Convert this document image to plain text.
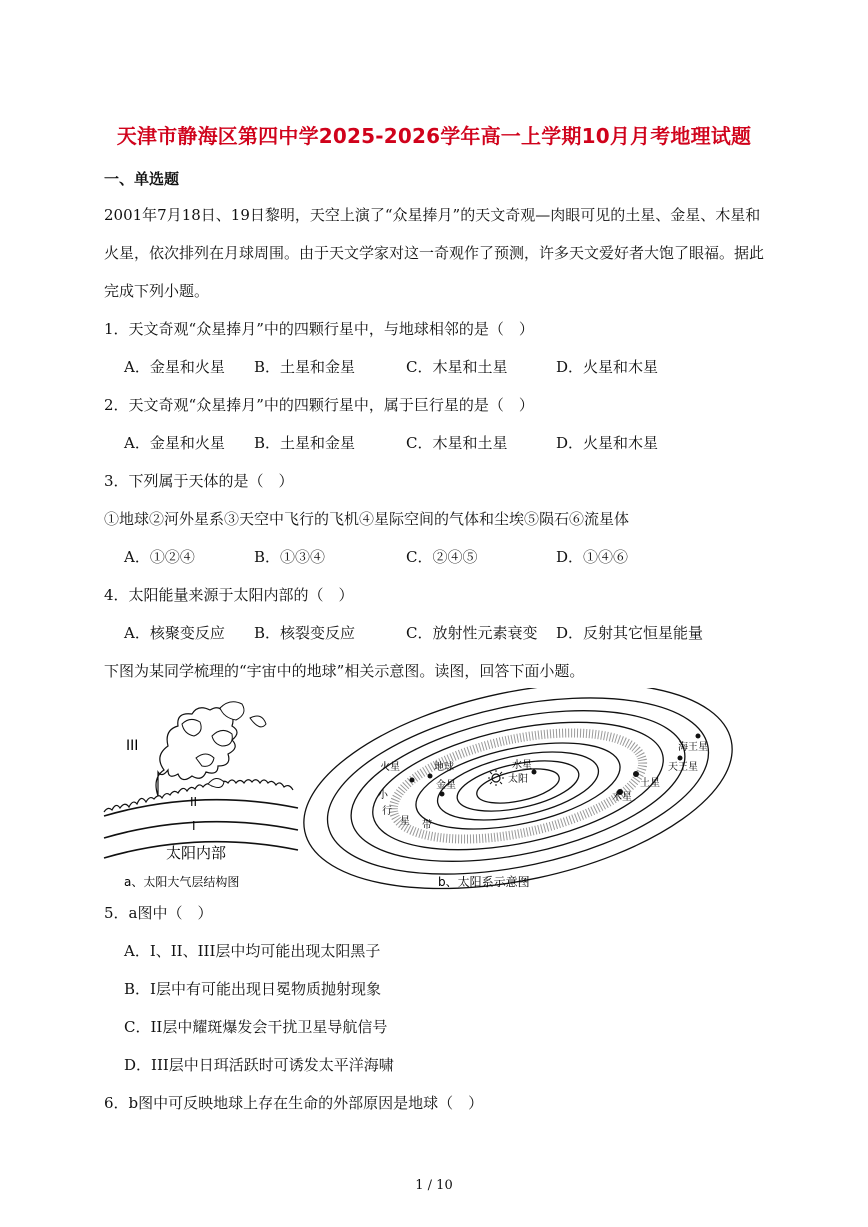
天津市静海区第四中学2025-2026学年高一上学期10月月考地理试题
一、单选题
2001年7月18日、19日黎明，天空上演了“众星捧月”的天文奇观—肉眼可见的土星、金星、木星和火星，依次排列在月球周围。由于天文学家对这一奇观作了预测，许多天文爱好者大饱了眼福。据此完成下列小题。
1．天文奇观“众星捧月”中的四颗行星中，与地球相邻的是（　）
A．金星和火星 B．土星和金星	C．木星和土星	D．火星和木星
2．天文奇观“众星捧月”中的四颗行星中，属于巨行星的是（　）
A．金星和火星 B．土星和金星	C．木星和土星	D．火星和木星
3．下列属于天体的是（　）
①地球②河外星系③天空中飞行的飞机④星际空间的气体和尘埃⑤陨石⑥流星体
A．①②④	B．①③④	C．②④⑤	D．①④⑥
4．太阳能量来源于太阳内部的（　）
A．核聚变反应 B．核裂变反应	C．放射性元素衰变 D．反射其它恒星能量
下图为某同学梳理的“宇宙中的地球”相关示意图。读图，回答下面小题。
III
II
I
太阳内部
a、太阳大气层结构图
太阳
水星
金星
地球
火星
木星
土星
天王星
海王星
小
行
星 带
b、太阳系示意图
5．a图中（　）
A．I、II、III层中均可能出现太阳黑子
B．I层中有可能出现日冕物质抛射现象
C．II层中耀斑爆发会干扰卫星导航信号
D．III层中日珥活跃时可诱发太平洋海啸
6．b图中可反映地球上存在生命的外部原因是地球（　）
1 / 10
